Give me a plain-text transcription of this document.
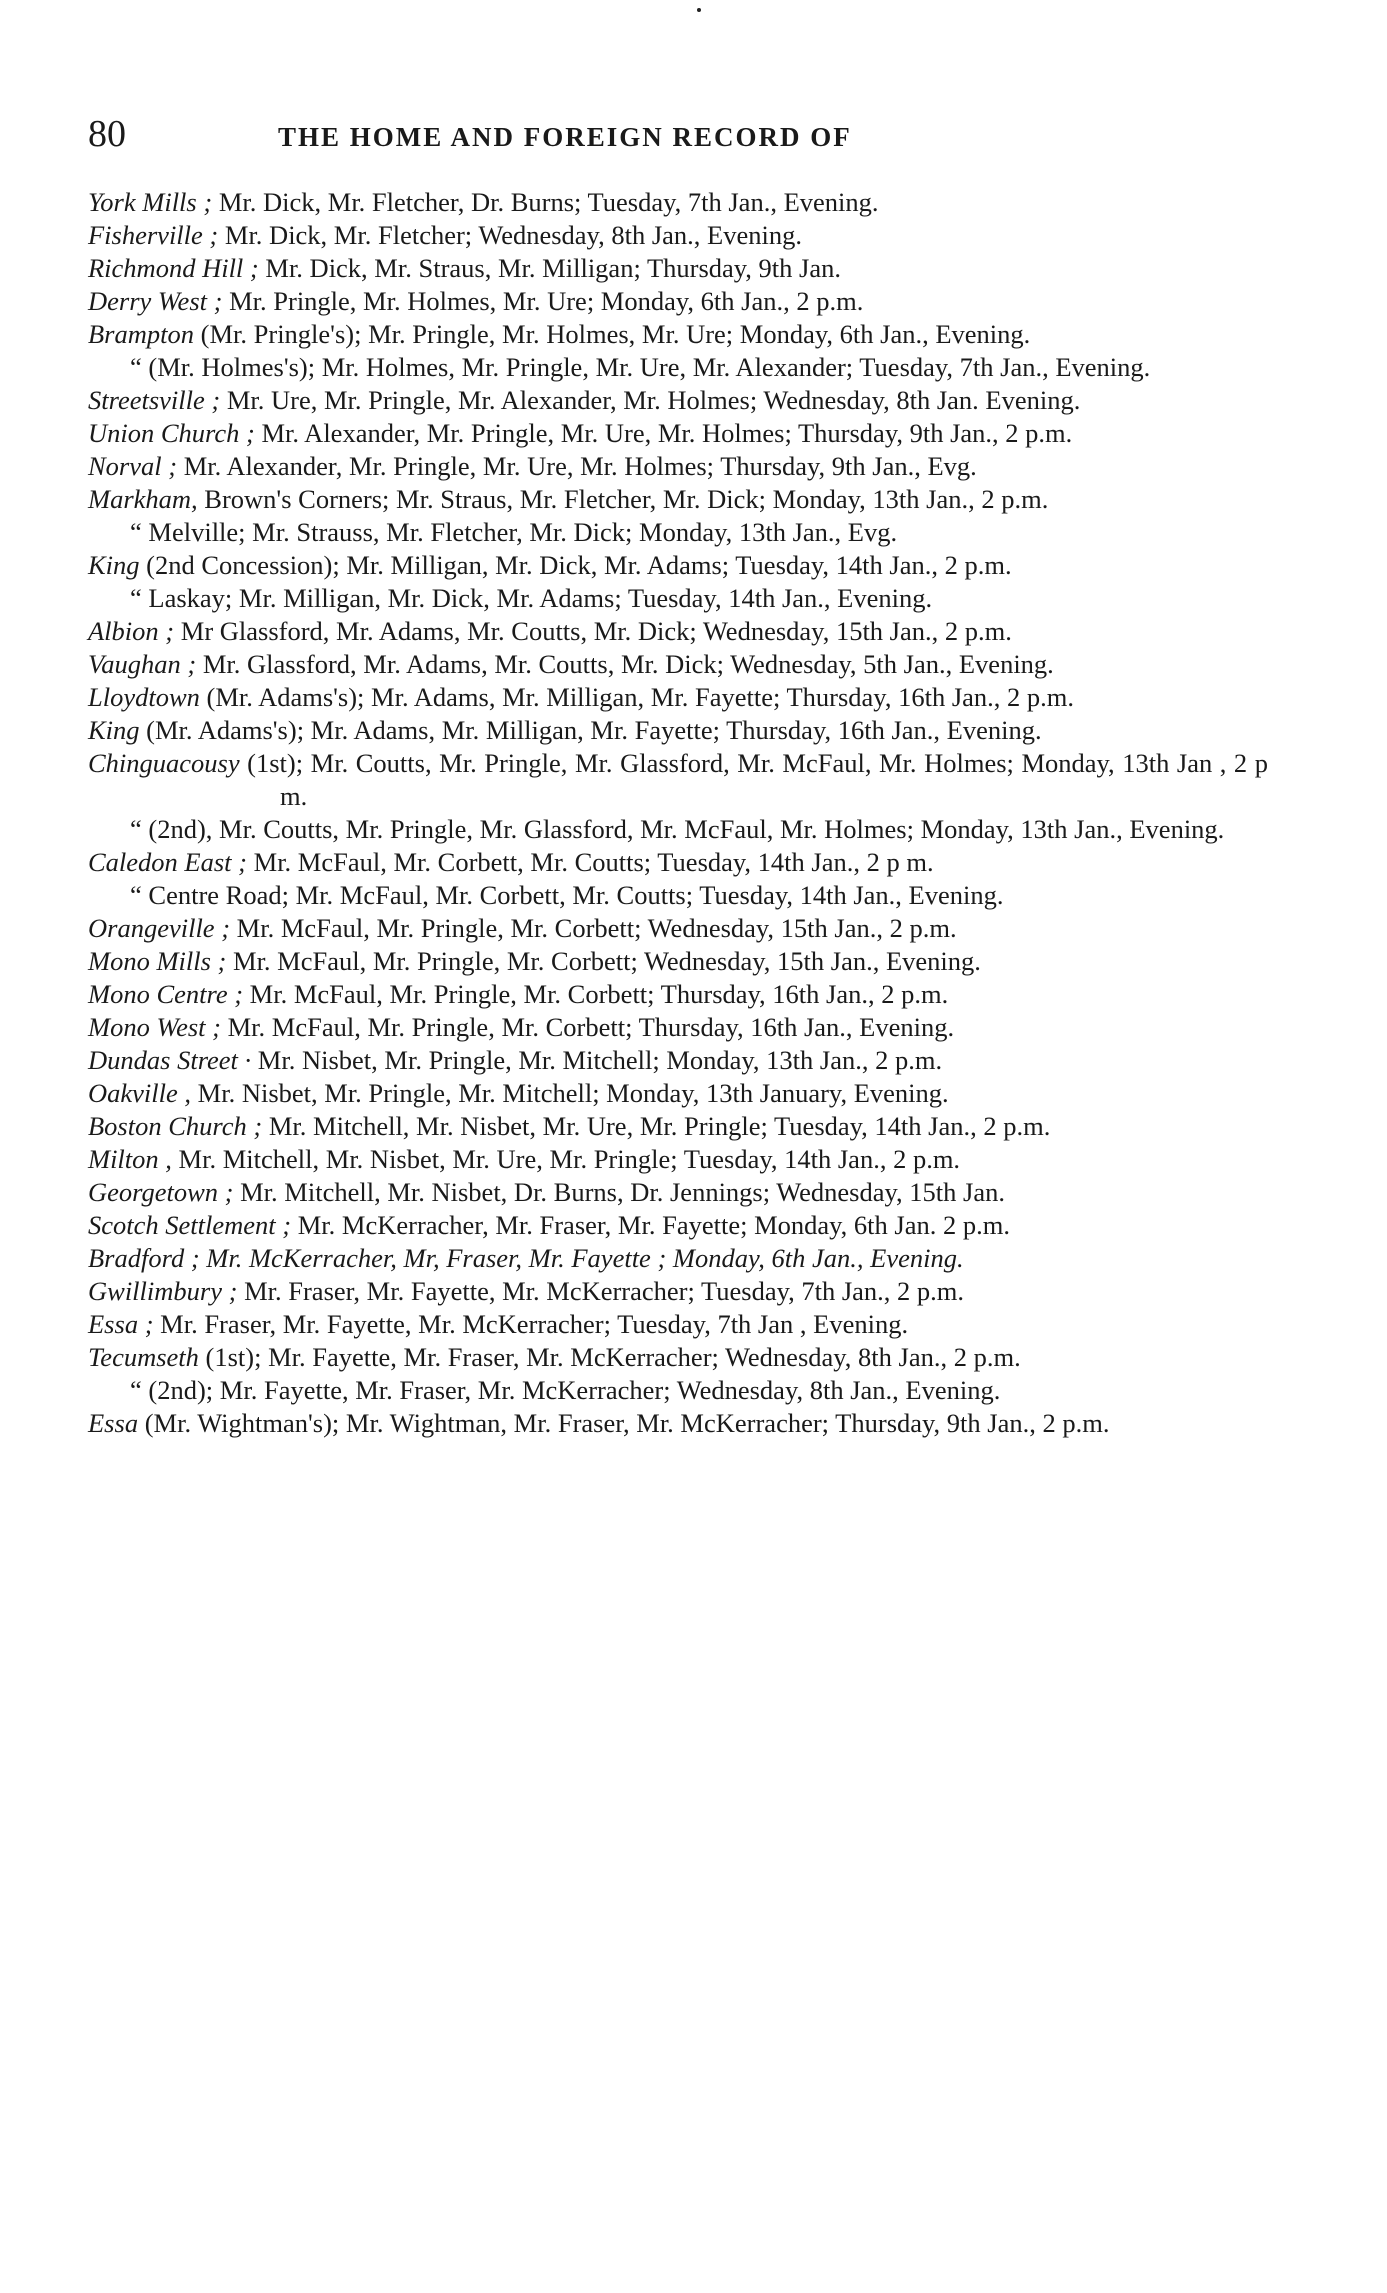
80	THE HOME AND FOREIGN RECORD OF

York Mills ; Mr. Dick, Mr. Fletcher, Dr. Burns; Tuesday, 7th Jan., Evening.

Fisherville ; Mr. Dick, Mr. Fletcher; Wednesday, 8th Jan., Evening.

Richmond Hill ; Mr. Dick, Mr. Straus, Mr. Milligan; Thursday, 9th Jan.

Derry West ; Mr. Pringle, Mr. Holmes, Mr. Ure; Monday, 6th Jan., 2 p.m.

Brampton (Mr. Pringle's); Mr. Pringle, Mr. Holmes, Mr. Ure; Monday, 6th Jan., Evening.

“ (Mr. Holmes's); Mr. Holmes, Mr. Pringle, Mr. Ure, Mr. Alexander; Tuesday, 7th Jan., Evening.

Streetsville ; Mr. Ure, Mr. Pringle, Mr. Alexander, Mr. Holmes; Wednesday, 8th Jan. Evening.

Union Church ; Mr. Alexander, Mr. Pringle, Mr. Ure, Mr. Holmes; Thursday, 9th Jan., 2 p.m.

Norval ; Mr. Alexander, Mr. Pringle, Mr. Ure, Mr. Holmes; Thursday, 9th Jan., Evg.

Markham, Brown's Corners; Mr. Straus, Mr. Fletcher, Mr. Dick; Monday, 13th Jan., 2 p.m.

“ Melville; Mr. Strauss, Mr. Fletcher, Mr. Dick; Monday, 13th Jan., Evg.

King (2nd Concession); Mr. Milligan, Mr. Dick, Mr. Adams; Tuesday, 14th Jan., 2 p.m.

“ Laskay; Mr. Milligan, Mr. Dick, Mr. Adams; Tuesday, 14th Jan., Evening.

Albion ; Mr Glassford, Mr. Adams, Mr. Coutts, Mr. Dick; Wednesday, 15th Jan., 2 p.m.

Vaughan ; Mr. Glassford, Mr. Adams, Mr. Coutts, Mr. Dick; Wednesday, 5th Jan., Evening.

Lloydtown (Mr. Adams's); Mr. Adams, Mr. Milligan, Mr. Fayette; Thursday, 16th Jan., 2 p.m.

King (Mr. Adams's); Mr. Adams, Mr. Milligan, Mr. Fayette; Thursday, 16th Jan., Evening.

Chinguacousy (1st); Mr. Coutts, Mr. Pringle, Mr. Glassford, Mr. McFaul, Mr. Holmes; Monday, 13th Jan , 2 p m.

“ (2nd), Mr. Coutts, Mr. Pringle, Mr. Glassford, Mr. McFaul, Mr. Holmes; Monday, 13th Jan., Evening.

Caledon East ; Mr. McFaul, Mr. Corbett, Mr. Coutts; Tuesday, 14th Jan., 2 p m.

“ Centre Road; Mr. McFaul, Mr. Corbett, Mr. Coutts; Tuesday, 14th Jan., Evening.

Orangeville ; Mr. McFaul, Mr. Pringle, Mr. Corbett; Wednesday, 15th Jan., 2 p.m.

Mono Mills ; Mr. McFaul, Mr. Pringle, Mr. Corbett; Wednesday, 15th Jan., Evening.

Mono Centre ; Mr. McFaul, Mr. Pringle, Mr. Corbett; Thursday, 16th Jan., 2 p.m.

Mono West ; Mr. McFaul, Mr. Pringle, Mr. Corbett; Thursday, 16th Jan., Evening.

Dundas Street · Mr. Nisbet, Mr. Pringle, Mr. Mitchell; Monday, 13th Jan., 2 p.m.

Oakville , Mr. Nisbet, Mr. Pringle, Mr. Mitchell; Monday, 13th January, Evening.

Boston Church ; Mr. Mitchell, Mr. Nisbet, Mr. Ure, Mr. Pringle; Tuesday, 14th Jan., 2 p.m.

Milton , Mr. Mitchell, Mr. Nisbet, Mr. Ure, Mr. Pringle; Tuesday, 14th Jan., 2 p.m.

Georgetown ; Mr. Mitchell, Mr. Nisbet, Dr. Burns, Dr. Jennings; Wednesday, 15th Jan.

Scotch Settlement ; Mr. McKerracher, Mr. Fraser, Mr. Fayette; Monday, 6th Jan. 2 p.m.

Bradford ; Mr. McKerracher, Mr, Fraser, Mr. Fayette ; Monday, 6th Jan., Evening.

Gwillimbury ; Mr. Fraser, Mr. Fayette, Mr. McKerracher; Tuesday, 7th Jan., 2 p.m.

Essa ; Mr. Fraser, Mr. Fayette, Mr. McKerracher; Tuesday, 7th Jan , Evening.

Tecumseth (1st); Mr. Fayette, Mr. Fraser, Mr. McKerracher; Wednesday, 8th Jan., 2 p.m.

“ (2nd); Mr. Fayette, Mr. Fraser, Mr. McKerracher; Wednesday, 8th Jan., Evening.

Essa (Mr. Wightman's); Mr. Wightman, Mr. Fraser, Mr. McKerracher; Thursday, 9th Jan., 2 p.m.
